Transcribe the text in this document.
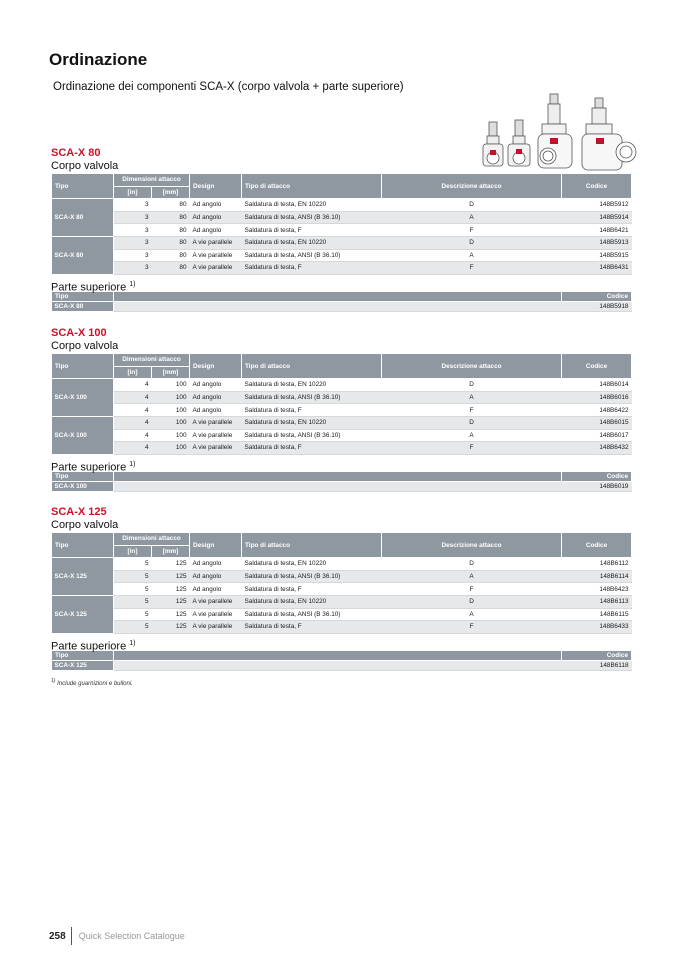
Ordinazione
Ordinazione dei componenti SCA-X (corpo valvola + parte superiore)
SCA-X 80
Corpo valvola
Tipo	Dimensioni attacco		Design	Tipo di attacco	Descrizione attacco	Codice
	[in]	[mm]				
SCA-X 80	3	80	Ad angolo	Saldatura di testa, EN 10220	D	148B5912
	3	80	Ad angolo	Saldatura di testa, ANSI (B 36.10)	A	148B5914
	3	80	Ad angolo	Saldatura di testa, F	F	148B6421
SCA-X 80	3	80	A vie parallele	Saldatura di testa, EN 10220	D	148B5913
	3	80	A vie parallele	Saldatura di testa, ANSI (B 36.10)	A	148B5915
	3	80	A vie parallele	Saldatura di testa, F	F	148B6431
Parte superiore $^{1)}$
Tipo		Codice
SCA-X 80		148B5918
SCA-X 100
Corpo valvola
Tipo	Dimensioni attacco		Design	Tipo di attacco	Descrizione attacco	Codice
	[in]	[mm]				
SCA-X 100	4	100	Ad angolo	Saldatura di testa, EN 10220	D	148B6014
	4	100	Ad angolo	Saldatura di testa, ANSI (B 36.10)	A	148B6016
	4	100	Ad angolo	Saldatura di testa, F	F	148B6422
SCA-X 100	4	100	A vie parallele	Saldatura di testa, EN 10220	D	148B6015
	4	100	A vie parallele	Saldatura di testa, ANSI (B 36.10)	A	148B6017
	4	100	A vie parallele	Saldatura di testa, F	F	148B6432
Parte superiore $^{1)}$
Tipo		Codice
SCA-X 100		148B6019
SCA-X 125
Corpo valvola
Tipo	Dimensioni attacco		Design	Tipo di attacco	Descrizione attacco	Codice
	[in]	[mm]				
SCA-X 125	5	125	Ad angolo	Saldatura di testa, EN 10220	D	148B6112
	5	125	Ad angolo	Saldatura di testa, ANSI (B 36.10)	A	148B6114
	5	125	Ad angolo	Saldatura di testa, F	F	148B6423
SCA-X 125	5	125	A vie parallele	Saldatura di testa, EN 10220	D	148B6113
	5	125	A vie parallele	Saldatura di testa, ANSI (B 36.10)	A	148B6115
	5	125	A vie parallele	Saldatura di testa, F	F	148B6433
Parte superiore $^{1)}$
Tipo		Codice
SCA-X 125		148B6118
$^{1)}$ Include guarnizioni e bulloni.
258 Quick Selection Catalogue
